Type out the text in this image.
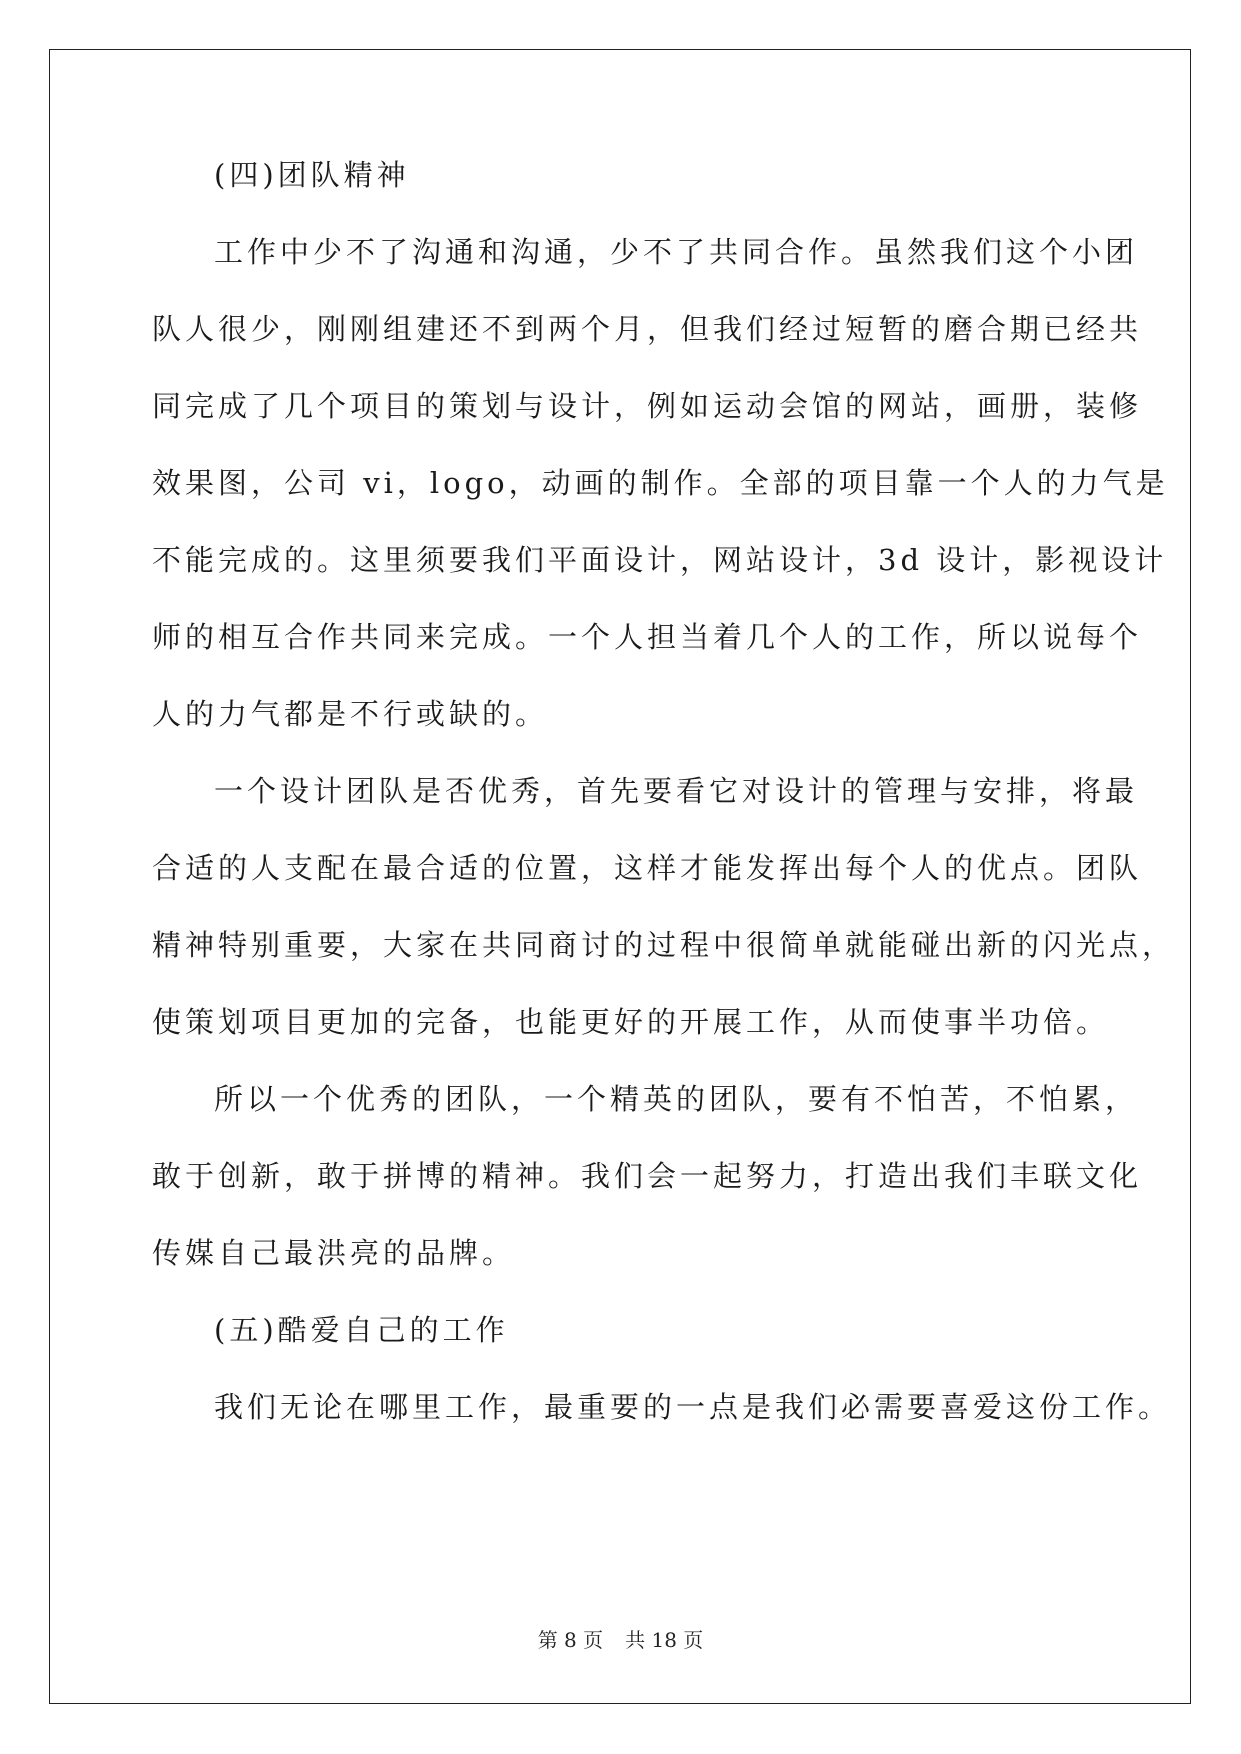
(四)团队精神
工作中少不了沟通和沟通，少不了共同合作。虽然我们这个小团
队人很少，刚刚组建还不到两个月，但我们经过短暂的磨合期已经共
同完成了几个项目的策划与设计，例如运动会馆的网站，画册，装修
效果图，公司 vi，logo，动画的制作。全部的项目靠一个人的力气是
不能完成的。这里须要我们平面设计，网站设计，3d 设计，影视设计
师的相互合作共同来完成。一个人担当着几个人的工作，所以说每个
人的力气都是不行或缺的。
一个设计团队是否优秀，首先要看它对设计的管理与安排，将最
合适的人支配在最合适的位置，这样才能发挥出每个人的优点。团队
精神特别重要，大家在共同商讨的过程中很简单就能碰出新的闪光点，
使策划项目更加的完备，也能更好的开展工作，从而使事半功倍。
所以一个优秀的团队，一个精英的团队，要有不怕苦，不怕累，
敢于创新，敢于拼博的精神。我们会一起努力，打造出我们丰联文化
传媒自己最洪亮的品牌。
(五)酷爱自己的工作
我们无论在哪里工作，最重要的一点是我们必需要喜爱这份工作。
第 8 页 共 18 页
